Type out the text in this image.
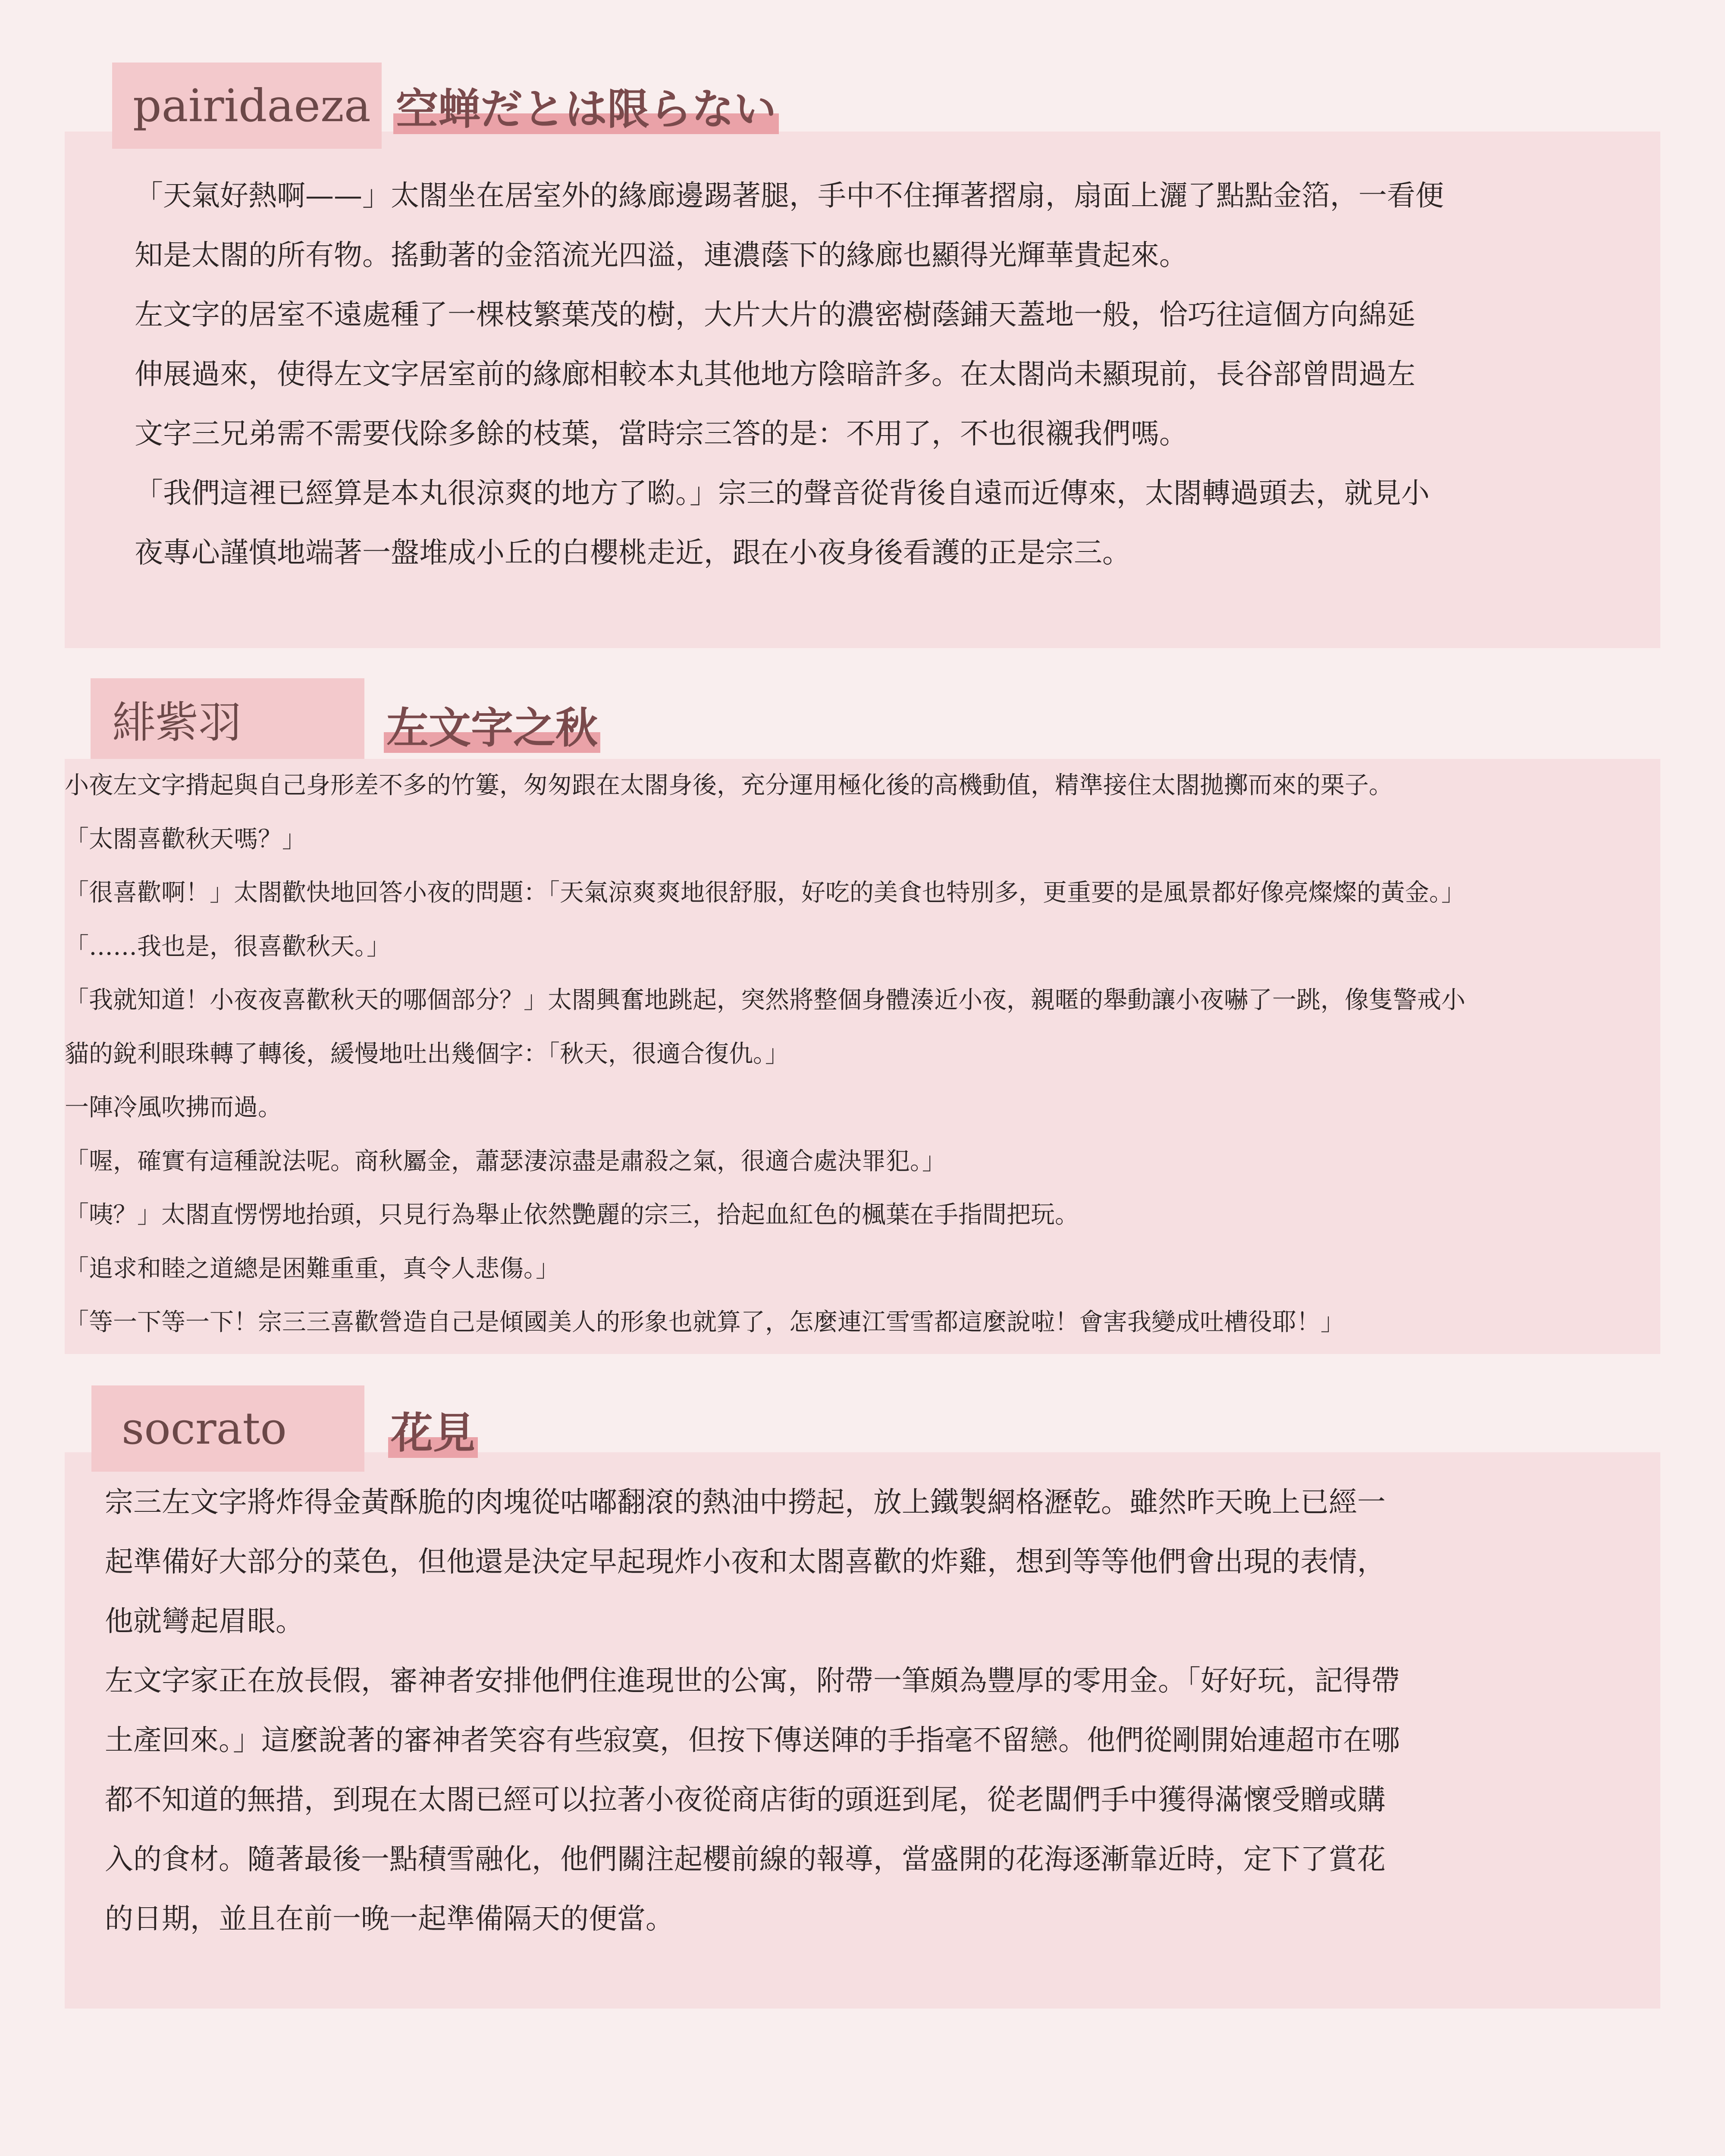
pairidaeza 空蝉だとは限らない

「天氣好熱啊——」太閤坐在居室外的緣廊邊踢著腿，手中不住揮著摺扇，扇面上灑了點點金箔，一看便

知是太閤的所有物。搖動著的金箔流光四溢，連濃蔭下的緣廊也顯得光輝華貴起來。

左文字的居室不遠處種了一棵枝繁葉茂的樹，大片大片的濃密樹蔭鋪天蓋地一般，恰巧往這個方向綿延

伸展過來，使得左文字居室前的緣廊相較本丸其他地方陰暗許多。在太閤尚未顯現前，長谷部曾問過左

文字三兄弟需不需要伐除多餘的枝葉，當時宗三答的是：不用了，不也很襯我們嗎。

「我們這裡已經算是本丸很涼爽的地方了喲。」宗三的聲音從背後自遠而近傳來，太閤轉過頭去，就見小

夜專心謹慎地端著一盤堆成小丘的白櫻桃走近，跟在小夜身後看護的正是宗三。

緋紫羽	左文字之秋

小夜左文字揹起與自己身形差不多的竹簍，匆匆跟在太閤身後，充分運用極化後的高機動值，精準接住太閤拋擲而來的栗子。

「太閤喜歡秋天嗎？」

「很喜歡啊！」太閤歡快地回答小夜的問題：「天氣涼爽爽地很舒服，好吃的美食也特別多，更重要的是風景都好像亮燦燦的黃金。」

「……我也是，很喜歡秋天。」

「我就知道！小夜夜喜歡秋天的哪個部分？」太閤興奮地跳起，突然將整個身體湊近小夜，親暱的舉動讓小夜嚇了一跳，像隻警戒小

貓的銳利眼珠轉了轉後，緩慢地吐出幾個字：「秋天，很適合復仇。」

一陣冷風吹拂而過。

「喔，確實有這種說法呢。商秋屬金，蕭瑟淒涼盡是肅殺之氣，很適合處決罪犯。」

「咦？」太閤直愣愣地抬頭，只見行為舉止依然艷麗的宗三，拾起血紅色的楓葉在手指間把玩。

「追求和睦之道總是困難重重，真令人悲傷。」

「等一下等一下！宗三三喜歡營造自己是傾國美人的形象也就算了，怎麼連江雪雪都這麼說啦！會害我變成吐槽役耶！」

socrato 花見

宗三左文字將炸得金黃酥脆的肉塊從咕嘟翻滾的熱油中撈起，放上鐵製網格瀝乾。雖然昨天晚上已經一

起準備好大部分的菜色，但他還是決定早起現炸小夜和太閤喜歡的炸雞，想到等等他們會出現的表情，

他就彎起眉眼。

左文字家正在放長假，審神者安排他們住進現世的公寓，附帶一筆頗為豐厚的零用金。「好好玩，記得帶

土產回來。」這麼說著的審神者笑容有些寂寞，但按下傳送陣的手指毫不留戀。他們從剛開始連超市在哪

都不知道的無措，到現在太閤已經可以拉著小夜從商店街的頭逛到尾，從老闆們手中獲得滿懷受贈或購

入的食材。隨著最後一點積雪融化，他們關注起櫻前線的報導，當盛開的花海逐漸靠近時，定下了賞花

的日期，並且在前一晚一起準備隔天的便當。
